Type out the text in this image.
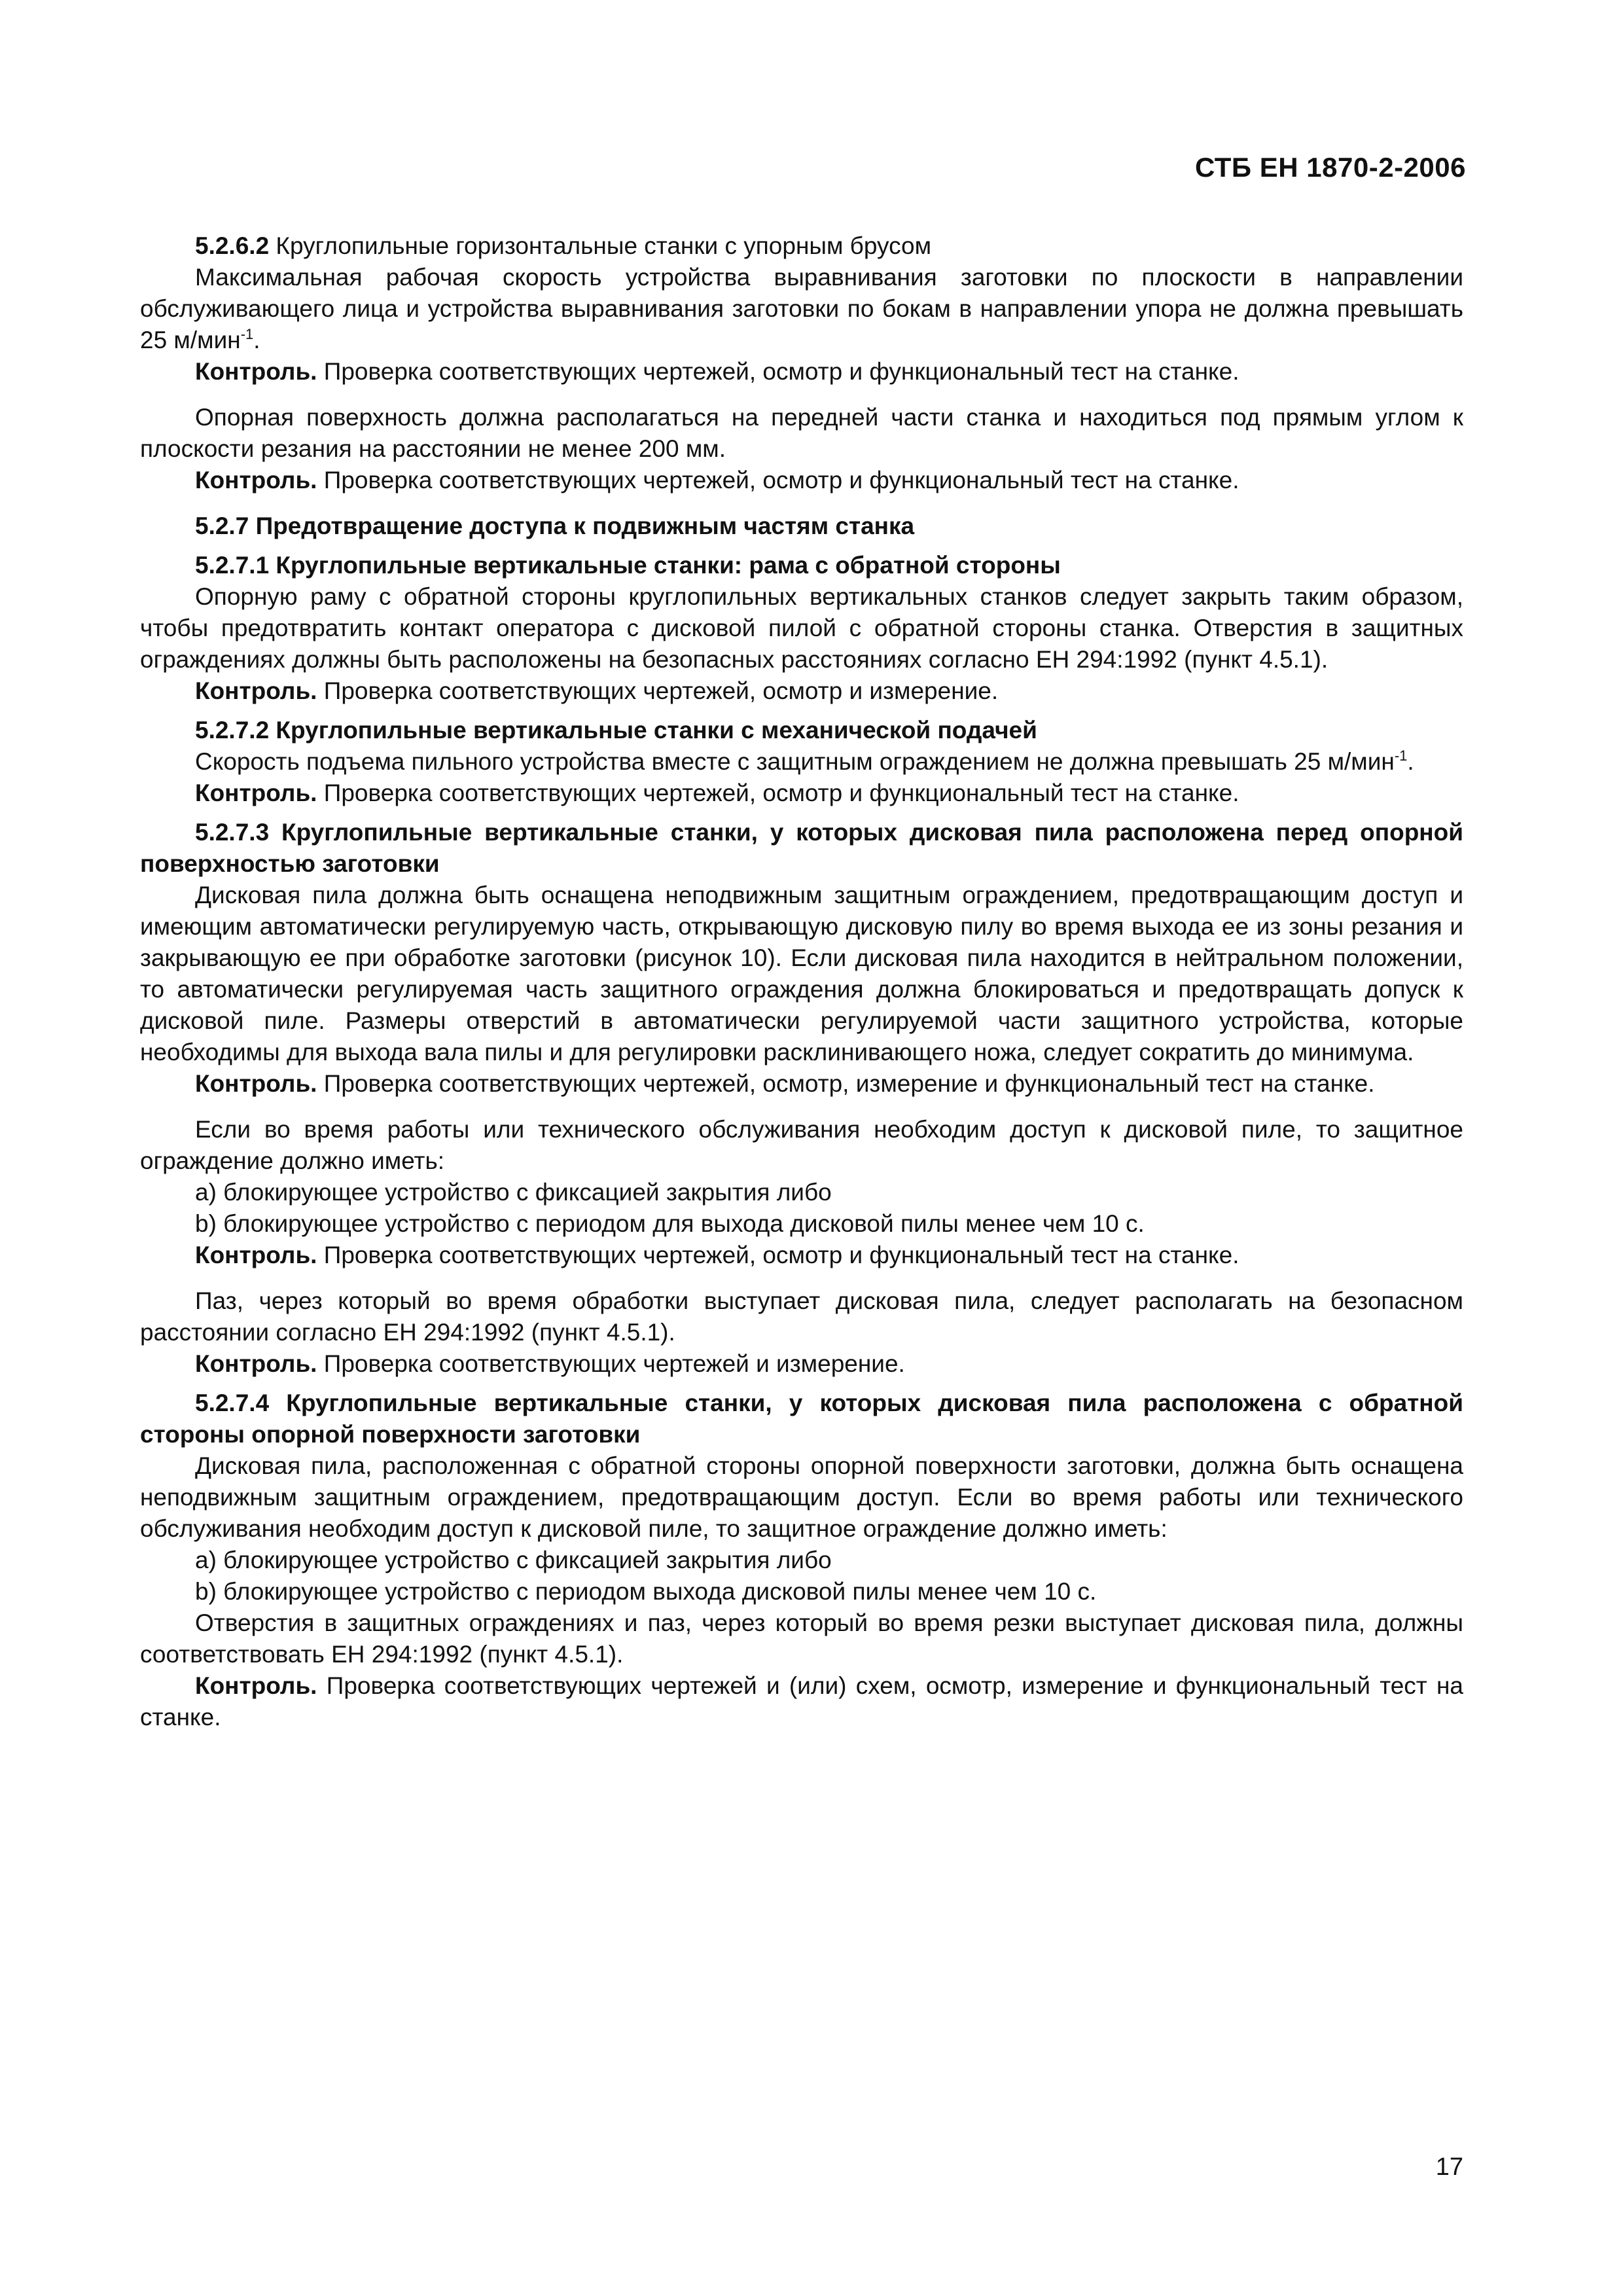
СТБ ЕН 1870-2-2006

5.2.6.2 Круглопильные горизонтальные станки с упорным брусом

Максимальная рабочая скорость устройства выравнивания заготовки по плоскости в направлении обслуживающего лица и устройства выравнивания заготовки по бокам в направлении упора не должна превышать 25 м/мин$^{-1}$.

Контроль. Проверка соответствующих чертежей, осмотр и функциональный тест на станке.

Опорная поверхность должна располагаться на передней части станка и находиться под прямым углом к плоскости резания на расстоянии не менее 200 мм.

Контроль. Проверка соответствующих чертежей, осмотр и функциональный тест на станке.

5.2.7 Предотвращение доступа к подвижным частям станка

5.2.7.1 Круглопильные вертикальные станки: рама с обратной стороны

Опорную раму с обратной стороны круглопильных вертикальных станков следует закрыть таким образом, чтобы предотвратить контакт оператора с дисковой пилой с обратной стороны станка. Отверстия в защитных ограждениях должны быть расположены на безопасных расстояниях согласно ЕН 294:1992 (пункт 4.5.1).

Контроль. Проверка соответствующих чертежей, осмотр и измерение.

5.2.7.2 Круглопильные вертикальные станки с механической подачей

Скорость подъема пильного устройства вместе с защитным ограждением не должна превышать 25 м/мин$^{-1}$.

Контроль. Проверка соответствующих чертежей, осмотр и функциональный тест на станке.

5.2.7.3 Круглопильные вертикальные станки, у которых дисковая пила расположена перед опорной поверхностью заготовки

Дисковая пила должна быть оснащена неподвижным защитным ограждением, предотвращающим доступ и имеющим автоматически регулируемую часть, открывающую дисковую пилу во время выхода ее из зоны резания и закрывающую ее при обработке заготовки (рисунок 10). Если дисковая пила находится в нейтральном положении, то автоматически регулируемая часть защитного ограждения должна блокироваться и предотвращать допуск к дисковой пиле. Размеры отверстий в автоматически регулируемой части защитного устройства, которые необходимы для выхода вала пилы и для регулировки расклинивающего ножа, следует сократить до минимума.

Контроль. Проверка соответствующих чертежей, осмотр, измерение и функциональный тест на станке.

Если во время работы или технического обслуживания необходим доступ к дисковой пиле, то защитное ограждение должно иметь:

а) блокирующее устройство с фиксацией закрытия либо

b) блокирующее устройство с периодом для выхода дисковой пилы менее чем 10 с.

Контроль. Проверка соответствующих чертежей, осмотр и функциональный тест на станке.

Паз, через который во время обработки выступает дисковая пила, следует располагать на безопасном расстоянии согласно ЕН 294:1992 (пункт 4.5.1).

Контроль. Проверка соответствующих чертежей и измерение.

5.2.7.4 Круглопильные вертикальные станки, у которых дисковая пила расположена с обратной стороны опорной поверхности заготовки

Дисковая пила, расположенная с обратной стороны опорной поверхности заготовки, должна быть оснащена неподвижным защитным ограждением, предотвращающим доступ. Если во время работы или технического обслуживания необходим доступ к дисковой пиле, то защитное ограждение должно иметь:

а) блокирующее устройство с фиксацией закрытия либо

b) блокирующее устройство с периодом выхода дисковой пилы менее чем 10 с.

Отверстия в защитных ограждениях и паз, через который во время резки выступает дисковая пила, должны соответствовать ЕН 294:1992 (пункт 4.5.1).

Контроль. Проверка соответствующих чертежей и (или) схем, осмотр, измерение и функциональный тест на станке.

17
